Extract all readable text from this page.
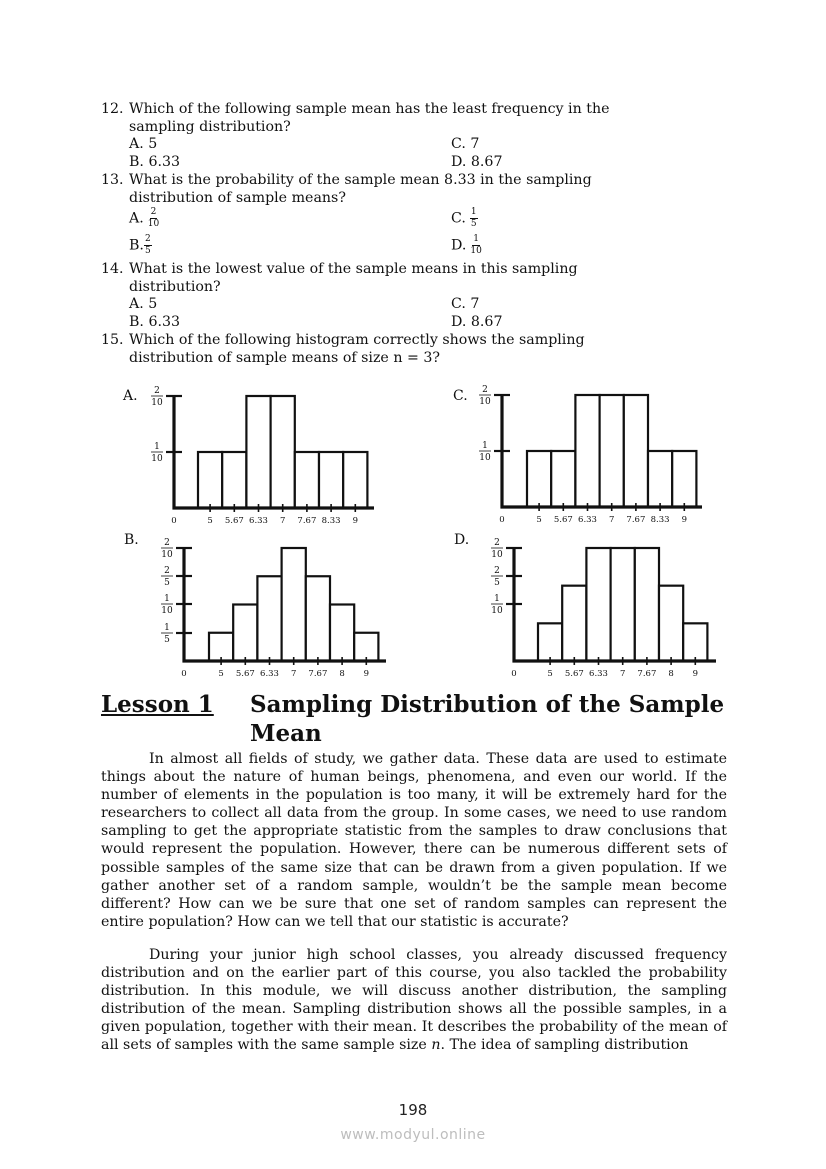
12. Which of the following sample mean has the least frequency in the
sampling distribution?
A. 5	C. 7
B. 6.33	D. 8.67
13. What is the probability of the sample mean 8.33 in the sampling
distribution of sample means?
A. $\frac{2}{10}$	C. $\frac{1}{5}$
B. $\frac{2}{5}$	D. $\frac{1}{10}$
14. What is the lowest value of the sample means in this sampling
distribution?
A. 5	C. 7
B. 6.33	D. 8.67
15. Which of the following histogram correctly shows the sampling
distribution of sample means of size n = 3?
A.
1
10
2
10
0	5 5.67 6.33 7 7.67 8.33 9
C.
1
10
2
10
0	5 5.67 6.33 7 7.67 8.33 9
B.
1
5
1
10
2
5
2
10
0	5 5.67 6.33 7 7.67 8 9
D.
1
10
2
5
2
10
0	5 5.67 6.33 7 7.67 8 9
Lesson 1 Sampling Distribution of the Sample Mean
In almost all fields of study, we gather data. These data are used to estimate things about the nature of human beings, phenomena, and even our world. If the number of elements in the population is too many, it will be extremely hard for the researchers to collect all data from the group. In some cases, we need to use random sampling to get the appropriate statistic from the samples to draw conclusions that would represent the population. However, there can be numerous different sets of possible samples of the same size that can be drawn from a given population. If we gather another set of a random sample, wouldn’t be the sample mean become different? How can we be sure that one set of random samples can represent the entire population? How can we tell that our statistic is accurate?
During your junior high school classes, you already discussed frequency distribution and on the earlier part of this course, you also tackled the probability distribution. In this module, we will discuss another distribution, the sampling distribution of the mean. Sampling distribution shows all the possible samples, in a given population, together with their mean. It describes the probability of the mean of all sets of samples with the same sample size n. The idea of sampling distribution
198
www.modyul.online
